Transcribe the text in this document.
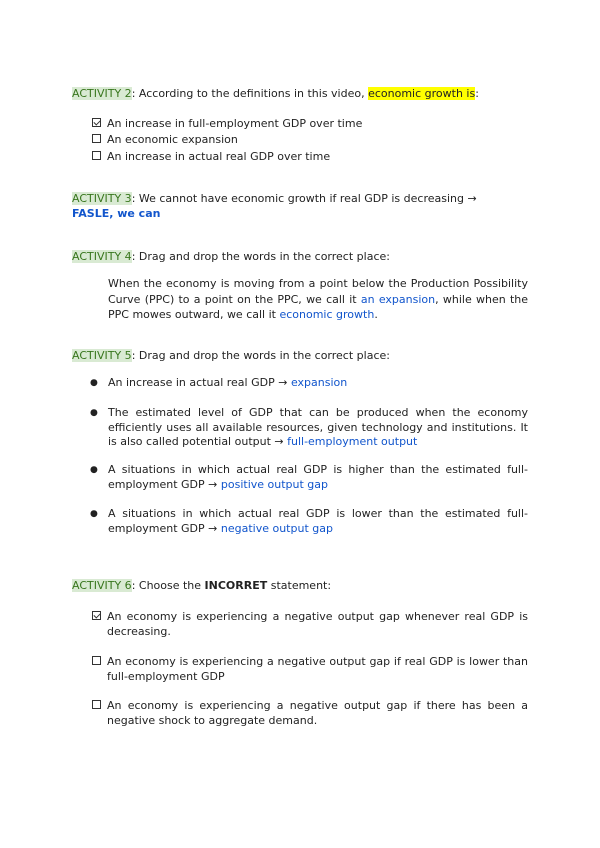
ACTIVITY 2: According to the definitions in this video, economic growth is:
An increase in full-employment GDP over time
An economic expansion
An increase in actual real GDP over time
ACTIVITY 3: We cannot have economic growth if real GDP is decreasing →
FASLE, we can
ACTIVITY 4: Drag and drop the words in the correct place:
When the economy is moving from a point below the Production Possibility Curve (PPC) to a point on the PPC, we call it an expansion, while when the PPC mowes outward, we call it economic growth.
ACTIVITY 5: Drag and drop the words in the correct place:
● An increase in actual real GDP → expansion
● The estimated level of GDP that can be produced when the economy efficiently uses all available resources, given technology and institutions. It is also called potential output → full-employment output
● A situations in which actual real GDP is higher than the estimated full-employment GDP → positive output gap
● A situations in which actual real GDP is lower than the estimated full-employment GDP → negative output gap
ACTIVITY 6: Choose the INCORRET statement:
An economy is experiencing a negative output gap whenever real GDP is decreasing.
An economy is experiencing a negative output gap if real GDP is lower than full-employment GDP
An economy is experiencing a negative output gap if there has been a negative shock to aggregate demand.
